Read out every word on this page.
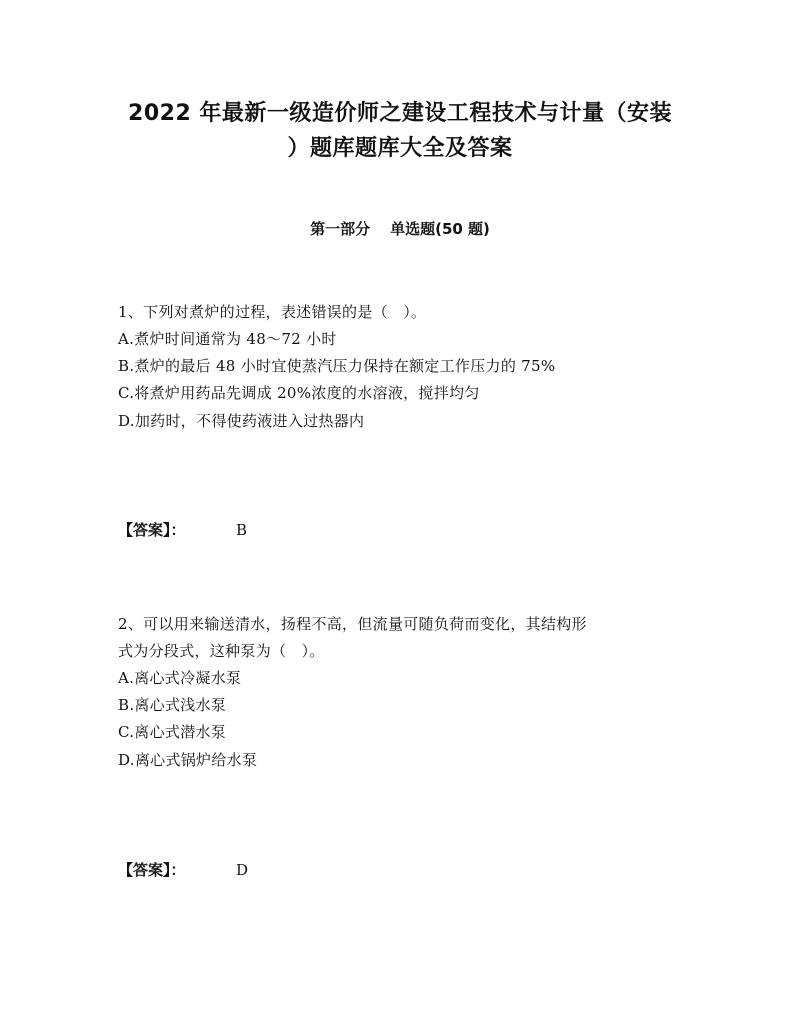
2022 年最新一级造价师之建设工程技术与计量（安装
）题库题库大全及答案
第一部分 单选题(50 题)
1、下列对煮炉的过程，表述错误的是（　）。
A.煮炉时间通常为 48～72 小时
B.煮炉的最后 48 小时宜使蒸汽压力保持在额定工作压力的 75%
C.将煮炉用药品先调成 20%浓度的水溶液，搅拌均匀
D.加药时，不得使药液进入过热器内
【答案】：	B
2、可以用来输送清水，扬程不高，但流量可随负荷而变化，其结构形
式为分段式，这种泵为（　）。
A.离心式冷凝水泵
B.离心式浅水泵
C.离心式潜水泵
D.离心式锅炉给水泵
【答案】：	D
